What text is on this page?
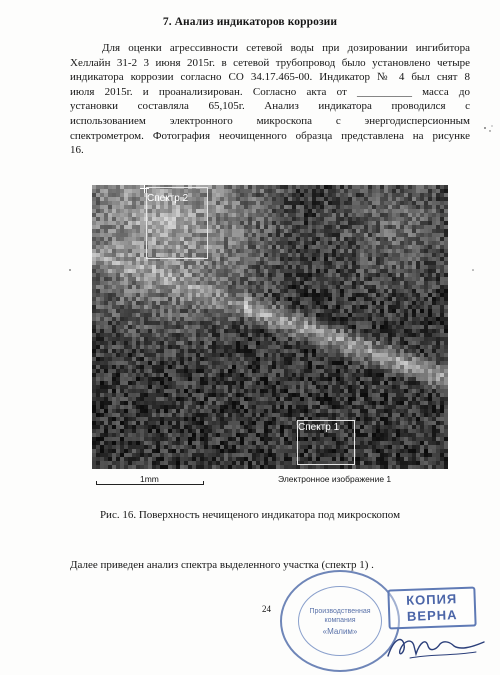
7. Анализ индикаторов коррозии
Для оценки агрессивности сетевой воды при дозировании ингибитора
Хеллайн 31-2 3 июня 2015г. в сетевой трубопровод было установлено четыре
индикатора коррозии согласно СО 34.17.465-00. Индикатор № 4 был снят 8
июля 2015г. и проанализирован. Согласно акта от __________ масса до
установки составляла 65,105г. Анализ индикатора проводился с
использованием электронного микроскопа с энергодисперсионным
спектрометром. Фотография неочищенного образца представлена на рисунке
16.
Спектр 2
Спектр 1
1mm	Электронное изображение 1
Рис. 16. Поверхность нечищеного индикатора под микроскопом
Далее приведен анализ спектра выделенного участка (спектр 1) .
24	Производственная
компания
«Малим»
КОПИЯ
ВЕРНА
